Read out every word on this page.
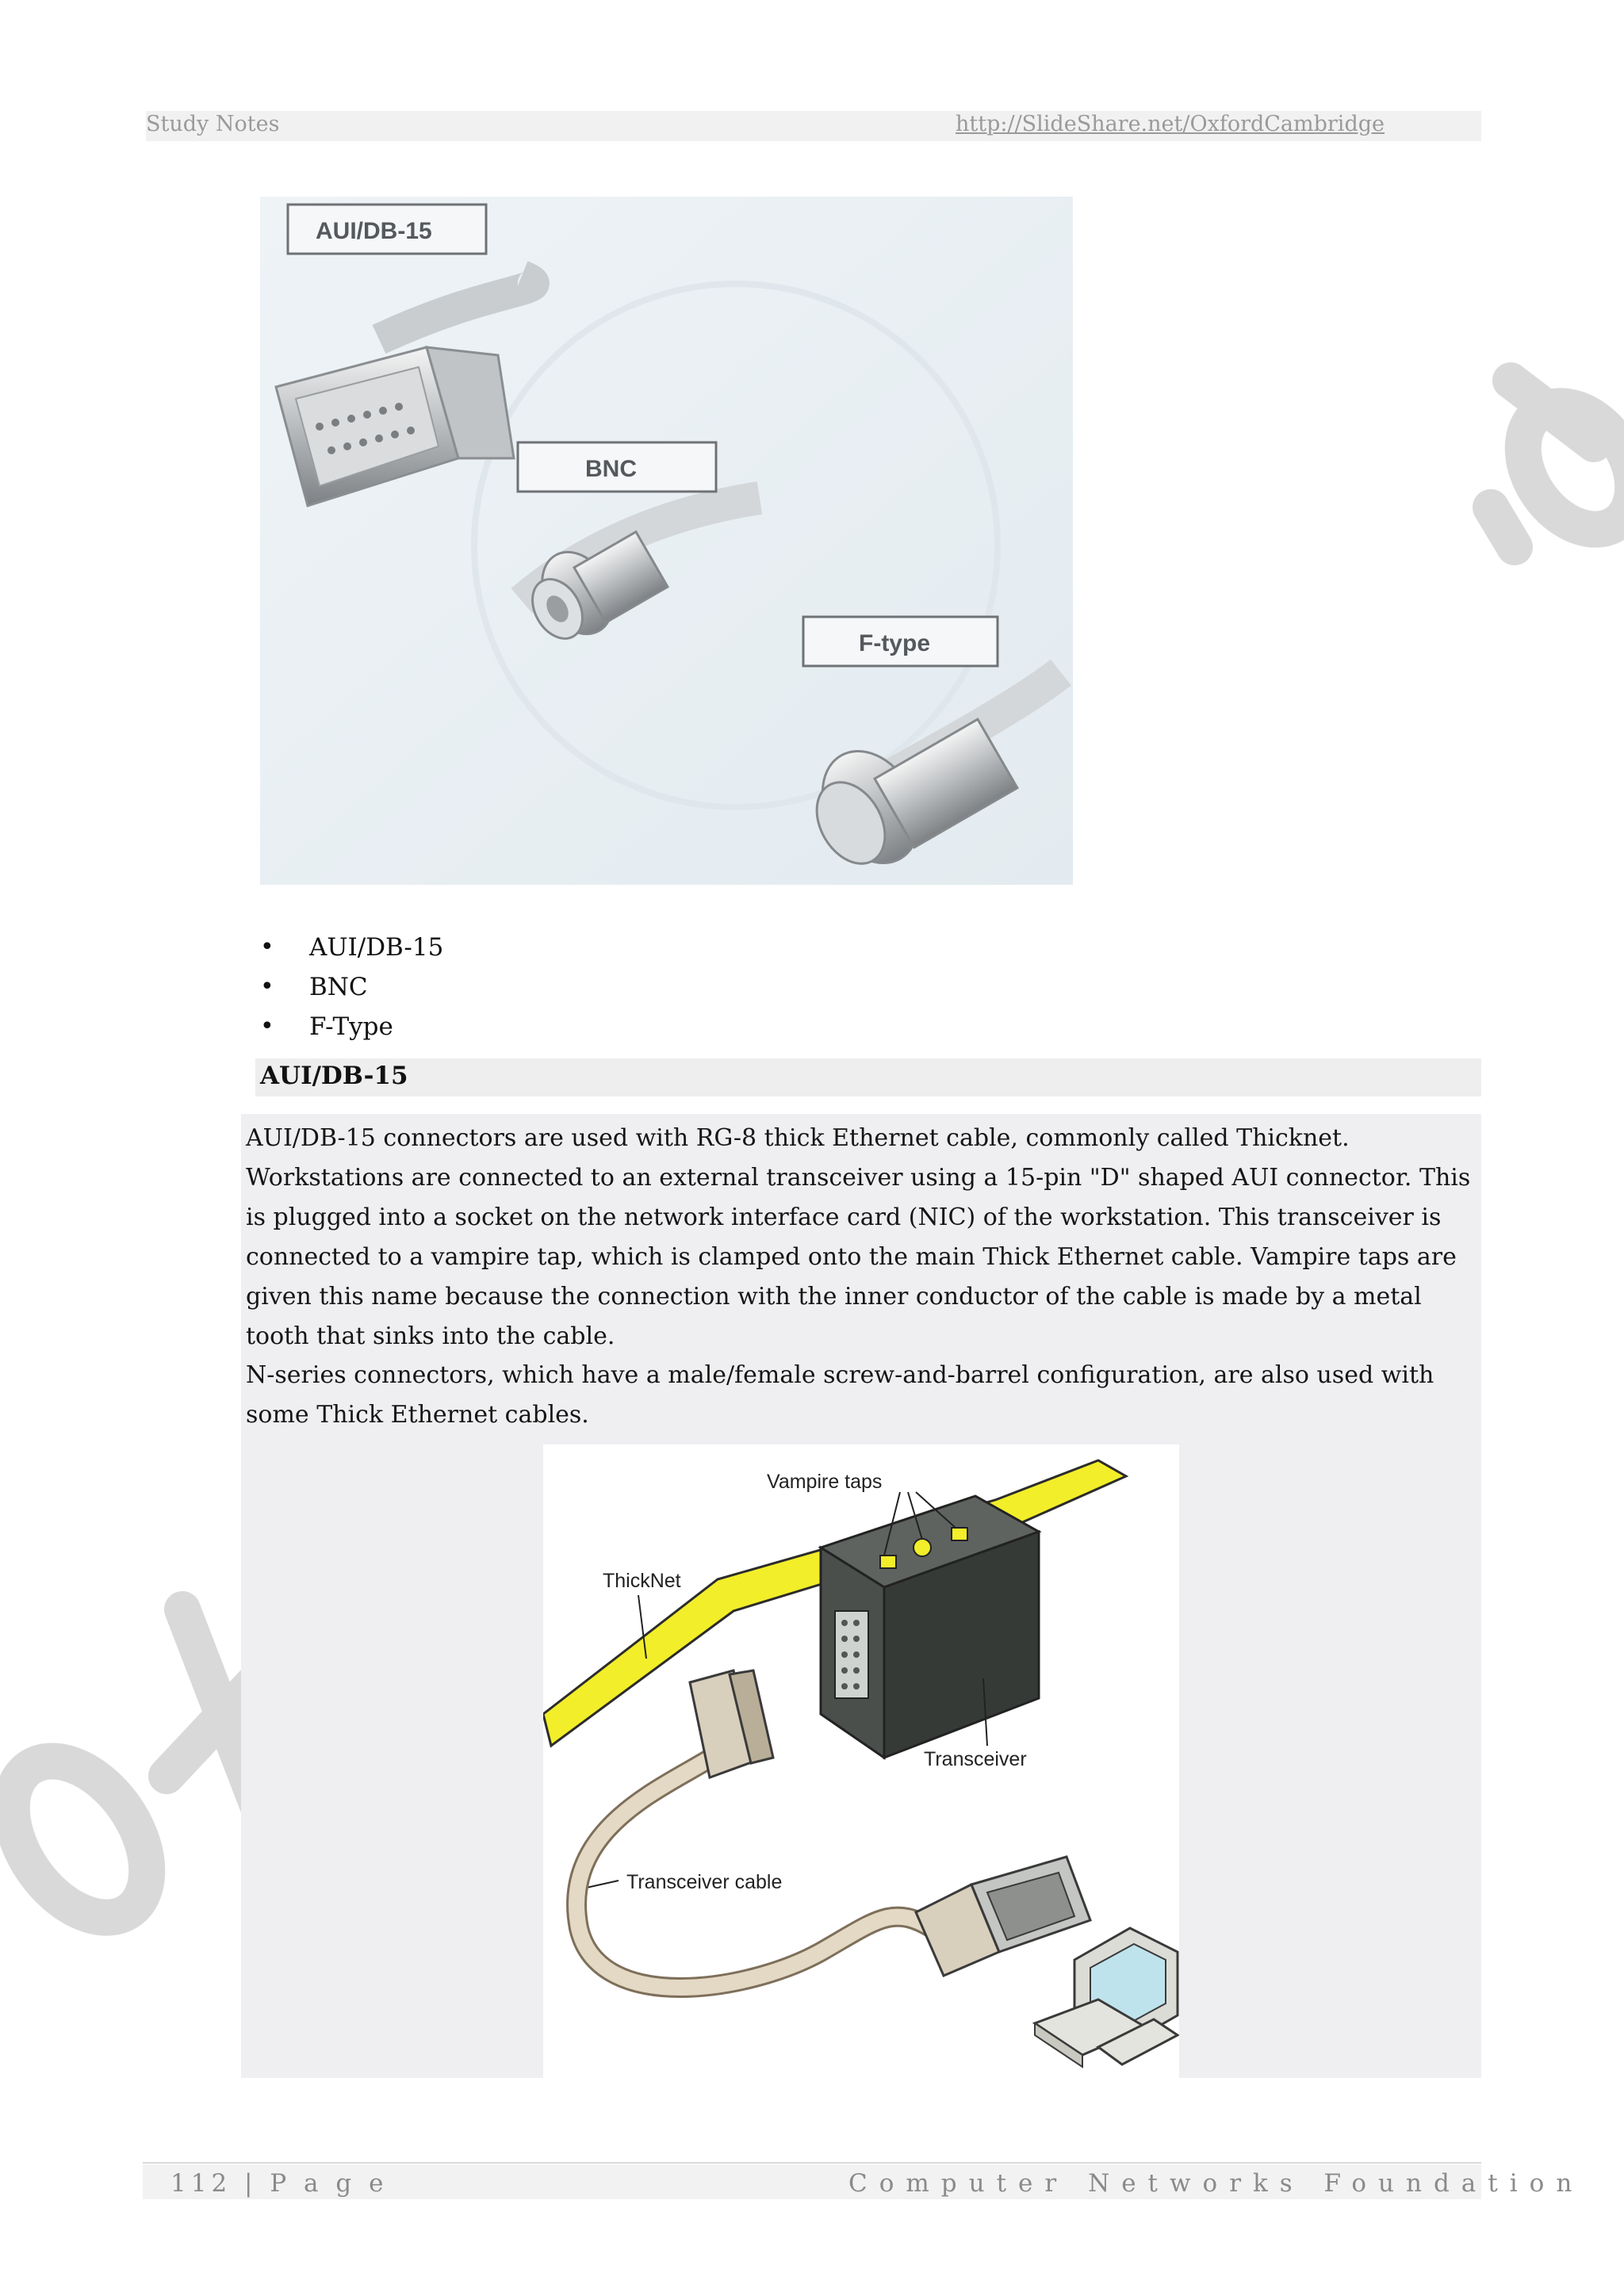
Study Notes	http://SlideShare.net/OxfordCambridge
AUI/DB-15
BNC
F-type
• AUI/DB-15
• BNC
• F-Type
AUI/DB-15

AUI/DB-15 connectors are used with RG-8 thick Ethernet cable, commonly called Thicknet. Workstations are connected to an external transceiver using a 15-pin "D" shaped AUI connector. This is plugged into a socket on the network interface card (NIC) of the workstation. This transceiver is connected to a vampire tap, which is clamped onto the main Thick Ethernet cable. Vampire taps are given this name because the connection with the inner conductor of the cable is made by a metal tooth that sinks into the cable.

N-series connectors, which have a male/female screw-and-barrel configuration, are also used with some Thick Ethernet cables.

Vampire taps
ThickNet
Transceiver
Transceiver cable
112 | P a g e	Computer Networks Foundation
